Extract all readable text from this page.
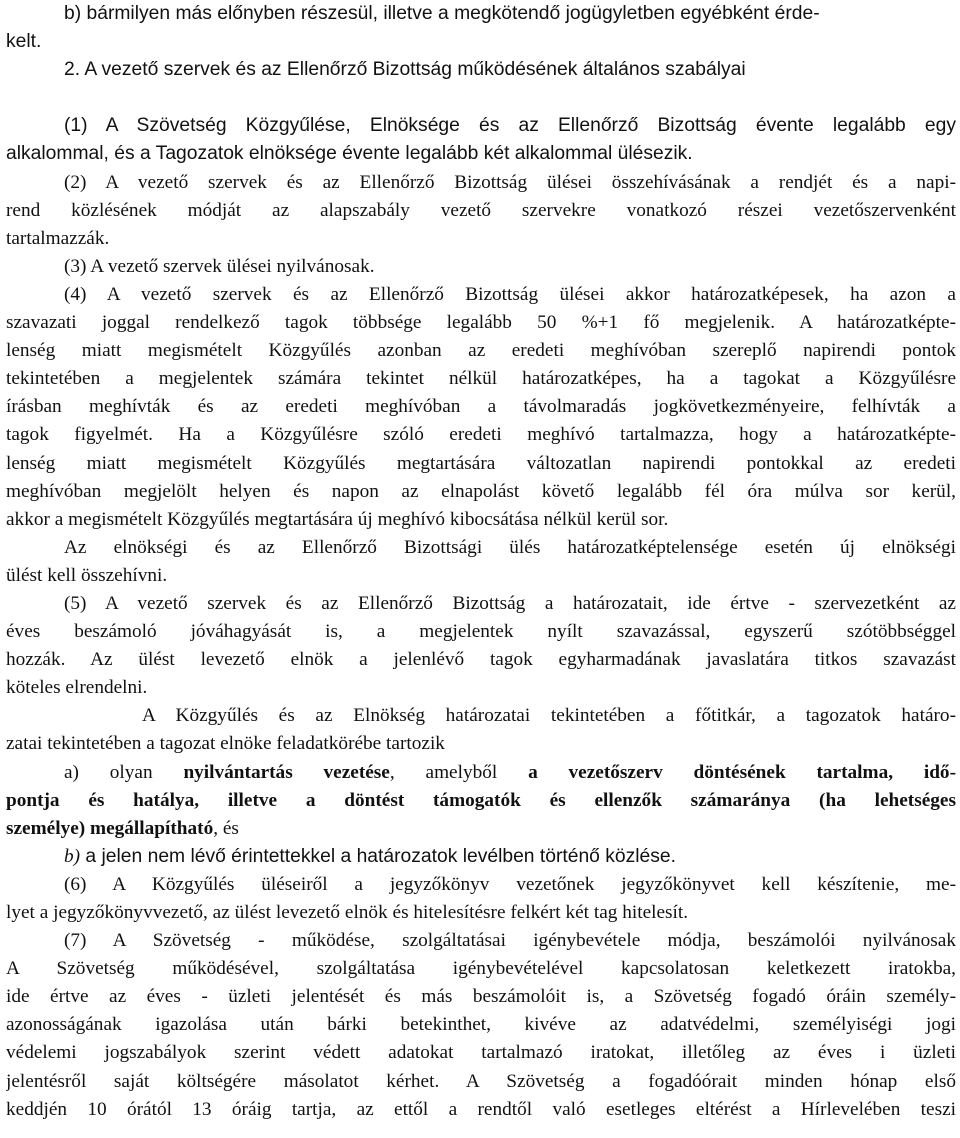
b) bármilyen más előnyben részesül, illetve a megkötendő jogügyletben egyébként érde-
kelt.
2. A vezető szervek és az Ellenőrző Bizottság működésének általános szabályai
(1) A Szövetség Közgyűlése, Elnöksége és az Ellenőrző Bizottság évente legalább egy
alkalommal, és a Tagozatok elnöksége évente legalább két alkalommal ülésezik.
(2) A vezető szervek és az Ellenőrző Bizottság ülései összehívásának a rendjét és a napi-
rend közlésének módját az alapszabály vezető szervekre vonatkozó részei vezetőszervenként
tartalmazzák.
(3) A vezető szervek ülései nyilvánosak.
(4) A vezető szervek és az Ellenőrző Bizottság ülései akkor határozatképesek, ha azon a
szavazati joggal rendelkező tagok többsége legalább 50 %+1 fő megjelenik. A határozatképte-
lenség miatt megismételt Közgyűlés azonban az eredeti meghívóban szereplő napirendi pontok
tekintetében a megjelentek számára tekintet nélkül határozatképes, ha a tagokat a Közgyűlésre
írásban meghívták és az eredeti meghívóban a távolmaradás jogkövetkezményeire, felhívták a
tagok figyelmét. Ha a Közgyűlésre szóló eredeti meghívó tartalmazza, hogy a határozatképte-
lenség miatt megismételt Közgyűlés megtartására változatlan napirendi pontokkal az eredeti
meghívóban megjelölt helyen és napon az elnapolást követő legalább fél óra múlva sor kerül,
akkor a megismételt Közgyűlés megtartására új meghívó kibocsátása nélkül kerül sor.
Az elnökségi és az Ellenőrző Bizottsági ülés határozatképtelensége esetén új elnökségi
ülést kell összehívni.
(5) A vezető szervek és az Ellenőrző Bizottság a határozatait, ide értve - szervezetként az
éves beszámoló jóváhagyását is, a megjelentek nyílt szavazással, egyszerű szótöbbséggel
hozzák. Az ülést levezető elnök a jelenlévő tagok egyharmadának javaslatára titkos szavazást
köteles elrendelni.
A Közgyűlés és az Elnökség határozatai tekintetében a főtitkár, a tagozatok határo-
zatai tekintetében a tagozat elnöke feladatkörébe tartozik
a) olyan nyilvántartás vezetése, amelyből a vezetőszerv döntésének tartalma, idő-
pontja és hatálya, illetve a döntést támogatók és ellenzők számaránya (ha lehetséges
személye) megállapítható, és
b) a jelen nem lévő érintettekkel a határozatok levélben történő közlése.
(6) A Közgyűlés üléseiről a jegyzőkönyv vezetőnek jegyzőkönyvet kell készítenie, me-
lyet a jegyzőkönyvvezető, az ülést levezető elnök és hitelesítésre felkért két tag hitelesít.
(7) A Szövetség - működése, szolgáltatásai igénybevétele módja, beszámolói nyilvánosak
A Szövetség működésével, szolgáltatása igénybevételével kapcsolatosan keletkezett iratokba,
ide értve az éves - üzleti jelentését és más beszámolóit is, a Szövetség fogadó óráin személy-
azonosságának igazolása után bárki betekinthet, kivéve az adatvédelmi, személyiségi jogi
védelemi jogszabályok szerint védett adatokat tartalmazó iratokat, illetőleg az éves i üzleti
jelentésről saját költségére másolatot kérhet. A Szövetség a fogadóórait minden hónap első
keddjén 10 órától 13 óráig tartja, az ettől a rendtől való esetleges eltérést a Hírlevelében teszi
